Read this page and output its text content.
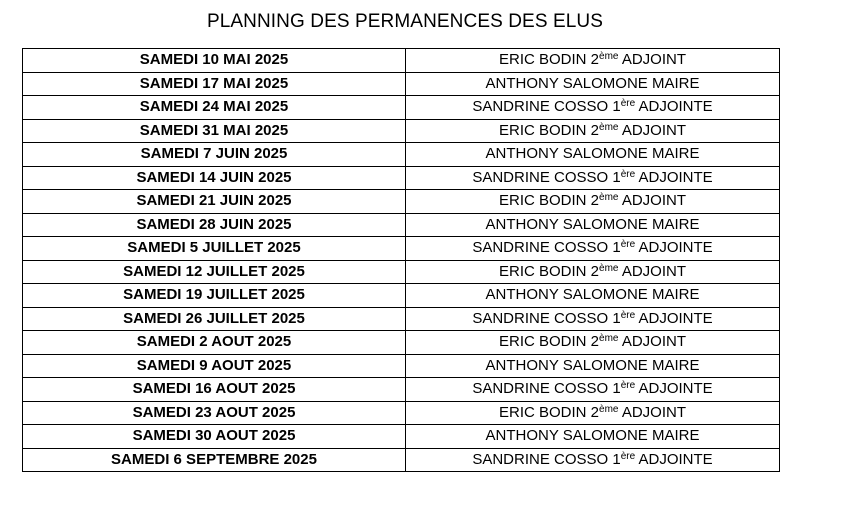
PLANNING DES PERMANENCES DES ELUS
SAMEDI 10 MAI 2025	ERIC BODIN 2ème ADJOINT
SAMEDI 17 MAI 2025	ANTHONY SALOMONE MAIRE
SAMEDI 24 MAI 2025	SANDRINE COSSO 1ère ADJOINTE
SAMEDI 31 MAI 2025	ERIC BODIN 2ème ADJOINT
SAMEDI 7 JUIN 2025	ANTHONY SALOMONE MAIRE
SAMEDI 14 JUIN 2025	SANDRINE COSSO 1ère ADJOINTE
SAMEDI 21 JUIN 2025	ERIC BODIN 2ème ADJOINT
SAMEDI 28 JUIN 2025	ANTHONY SALOMONE MAIRE
SAMEDI 5 JUILLET 2025	SANDRINE COSSO 1ère ADJOINTE
SAMEDI 12 JUILLET 2025	ERIC BODIN 2ème ADJOINT
SAMEDI 19 JUILLET 2025	ANTHONY SALOMONE MAIRE
SAMEDI 26 JUILLET 2025	SANDRINE COSSO 1ère ADJOINTE
SAMEDI 2 AOUT 2025	ERIC BODIN 2ème ADJOINT
SAMEDI 9 AOUT 2025	ANTHONY SALOMONE MAIRE
SAMEDI 16 AOUT 2025	SANDRINE COSSO 1ère ADJOINTE
SAMEDI 23 AOUT 2025	ERIC BODIN 2ème ADJOINT
SAMEDI 30 AOUT 2025	ANTHONY SALOMONE MAIRE
SAMEDI 6 SEPTEMBRE 2025	SANDRINE COSSO 1ère ADJOINTE
